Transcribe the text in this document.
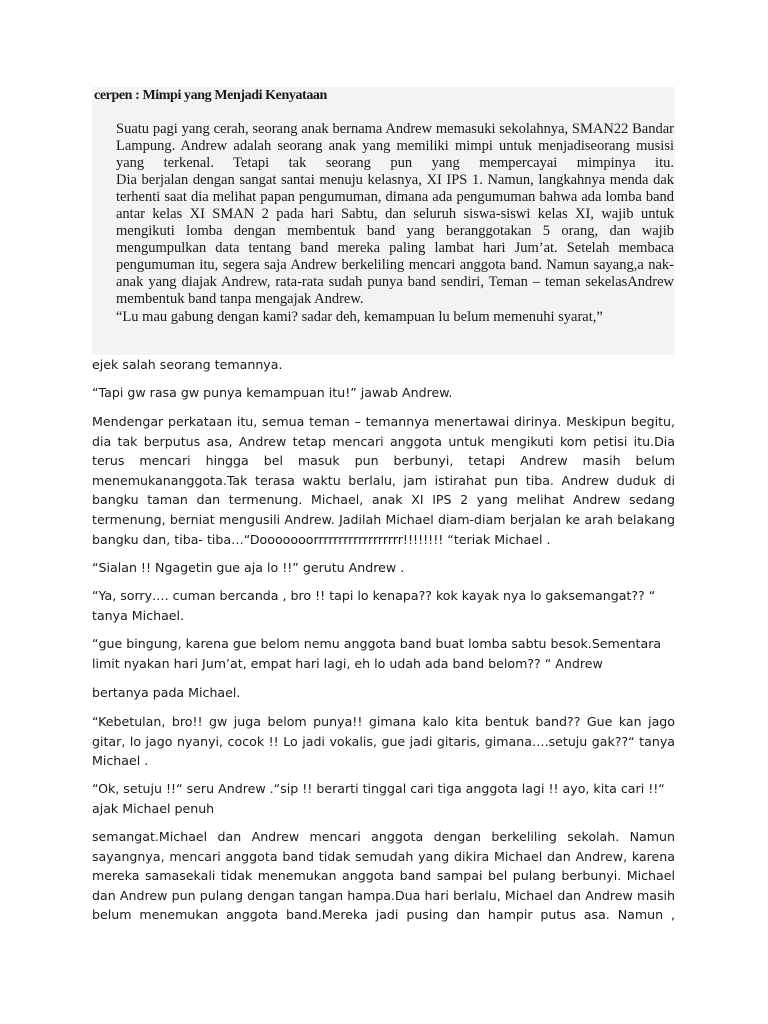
cerpen : Mimpi yang Menjadi Kenyataan

Suatu pagi yang cerah, seorang anak bernama Andrew memasuki sekolahnya, SMAN22 Bandar Lampung. Andrew adalah seorang anak yang memiliki mimpi untuk menjadiseorang musisi yang terkenal. Tetapi tak seorang pun yang mempercayai mimpinya itu.

Dia berjalan dengan sangat santai menuju kelasnya, XI IPS 1. Namun, langkahnya menda dak terhenti saat dia melihat papan pengumuman, dimana ada pengumuman bahwa ada lomba band antar kelas XI SMAN 2 pada hari Sabtu, dan seluruh siswa-siswi kelas XI, wajib untuk mengikuti lomba dengan membentuk band yang beranggotakan 5 orang, dan wajib mengumpulkan data tentang band mereka paling lambat hari Jum’at. Setelah membaca

pengumuman itu, segera saja Andrew berkeliling mencari anggota band. Namun sayang,a nak-anak yang diajak Andrew, rata-rata sudah punya band sendiri, Teman – teman sekelasAndrew membentuk band tanpa mengajak Andrew.

“Lu mau gabung dengan kami? sadar deh, kemampuan lu belum memenuhi syarat,”

ejek salah seorang temannya.

“Tapi gw rasa gw punya kemampuan itu!” jawab Andrew.

Mendengar perkataan itu, semua teman – temannya menertawai dirinya. Meskipun begitu, dia tak berputus asa, Andrew tetap mencari anggota untuk mengikuti kom petisi itu.Dia terus mencari hingga bel masuk pun berbunyi, tetapi Andrew masih belum menemukananggota.Tak terasa waktu berlalu, jam istirahat pun tiba. Andrew duduk di bangku taman dan termenung. Michael, anak XI IPS 2 yang melihat Andrew sedang termenung, berniat mengusili Andrew. Jadilah Michael diam-diam berjalan ke arah belakang bangku dan, tiba- tiba…“Dooooooorrrrrrrrrrrrrrrrrr!!!!!!!! “teriak Michael .

“Sialan !! Ngagetin gue aja lo !!” gerutu Andrew .

“Ya, sorry…. cuman bercanda , bro !! tapi lo kenapa?? kok kayak nya lo gaksemangat?? “ tanya Michael.

“gue bingung, karena gue belom nemu anggota band buat lomba sabtu besok.Sementara limit nyakan hari Jum’at, empat hari lagi, eh lo udah ada band belom?? “ Andrew

bertanya pada Michael.

“Kebetulan, bro!! gw juga belom punya!! gimana kalo kita bentuk band?? Gue kan jago gitar, lo jago nyanyi, cocok !! Lo jadi vokalis, gue jadi gitaris, gimana….setuju gak??“ tanya Michael .

“Ok, setuju !!“ seru Andrew .“sip !! berarti tinggal cari tiga anggota lagi !! ayo, kita cari !!“ ajak Michael penuh

semangat.Michael dan Andrew mencari anggota dengan berkeliling sekolah. Namun sayangnya, mencari anggota band tidak semudah yang dikira Michael dan Andrew, karena mereka samasekali tidak menemukan anggota band sampai bel pulang berbunyi. Michael dan Andrew pun pulang dengan tangan hampa.Dua hari berlalu, Michael dan Andrew masih belum menemukan anggota band.Mereka jadi pusing dan hampir putus asa. Namun ,
